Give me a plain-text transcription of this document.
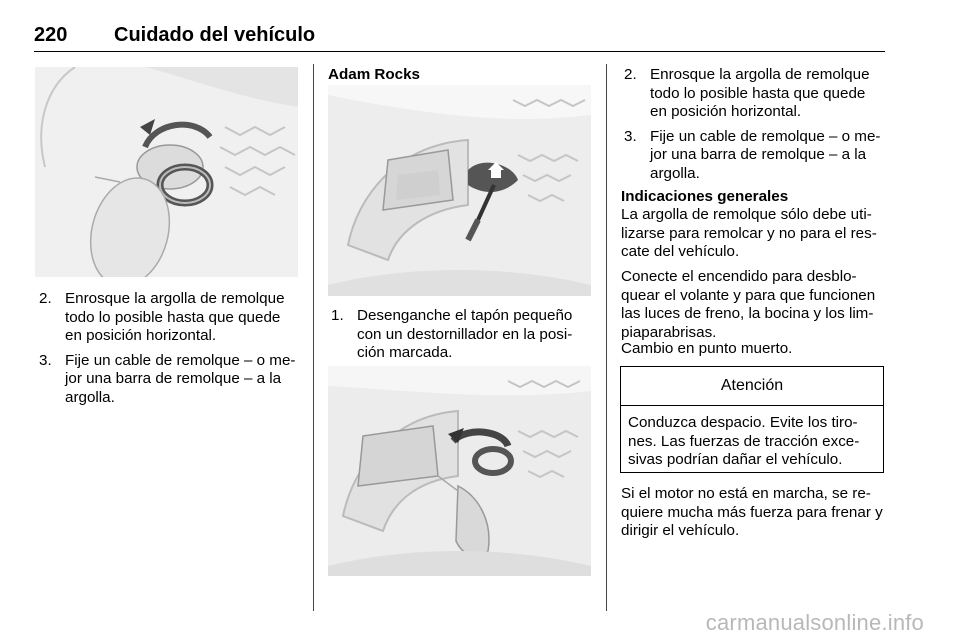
220 Cuidado del vehículo
2. Enrosque la argolla de remolque todo lo posible hasta que quede en posición horizontal.
3. Fije un cable de remolque – o me-jor una barra de remolque – a la argolla.
Adam Rocks
1. Desenganche el tapón pequeño con un destornillador en la posi-ción marcada.
2. Enrosque la argolla de remolque todo lo posible hasta que quede en posición horizontal.
3. Fije un cable de remolque – o me-jor una barra de remolque – a la argolla.
Indicaciones generales

La argolla de remolque sólo debe uti-lizarse para remolcar y no para el res-cate del vehículo.

Conecte el encendido para desblo-quear el volante y para que funcionen las luces de freno, la bocina y los lim-piaparabrisas.

Cambio en punto muerto.

Atención
Conduzca despacio. Evite los tiro-nes. Las fuerzas de tracción exce-sivas podrían dañar el vehículo.

Si el motor no está en marcha, se re-quiere mucha más fuerza para frenar y dirigir el vehículo.

carmanualsonline.info
